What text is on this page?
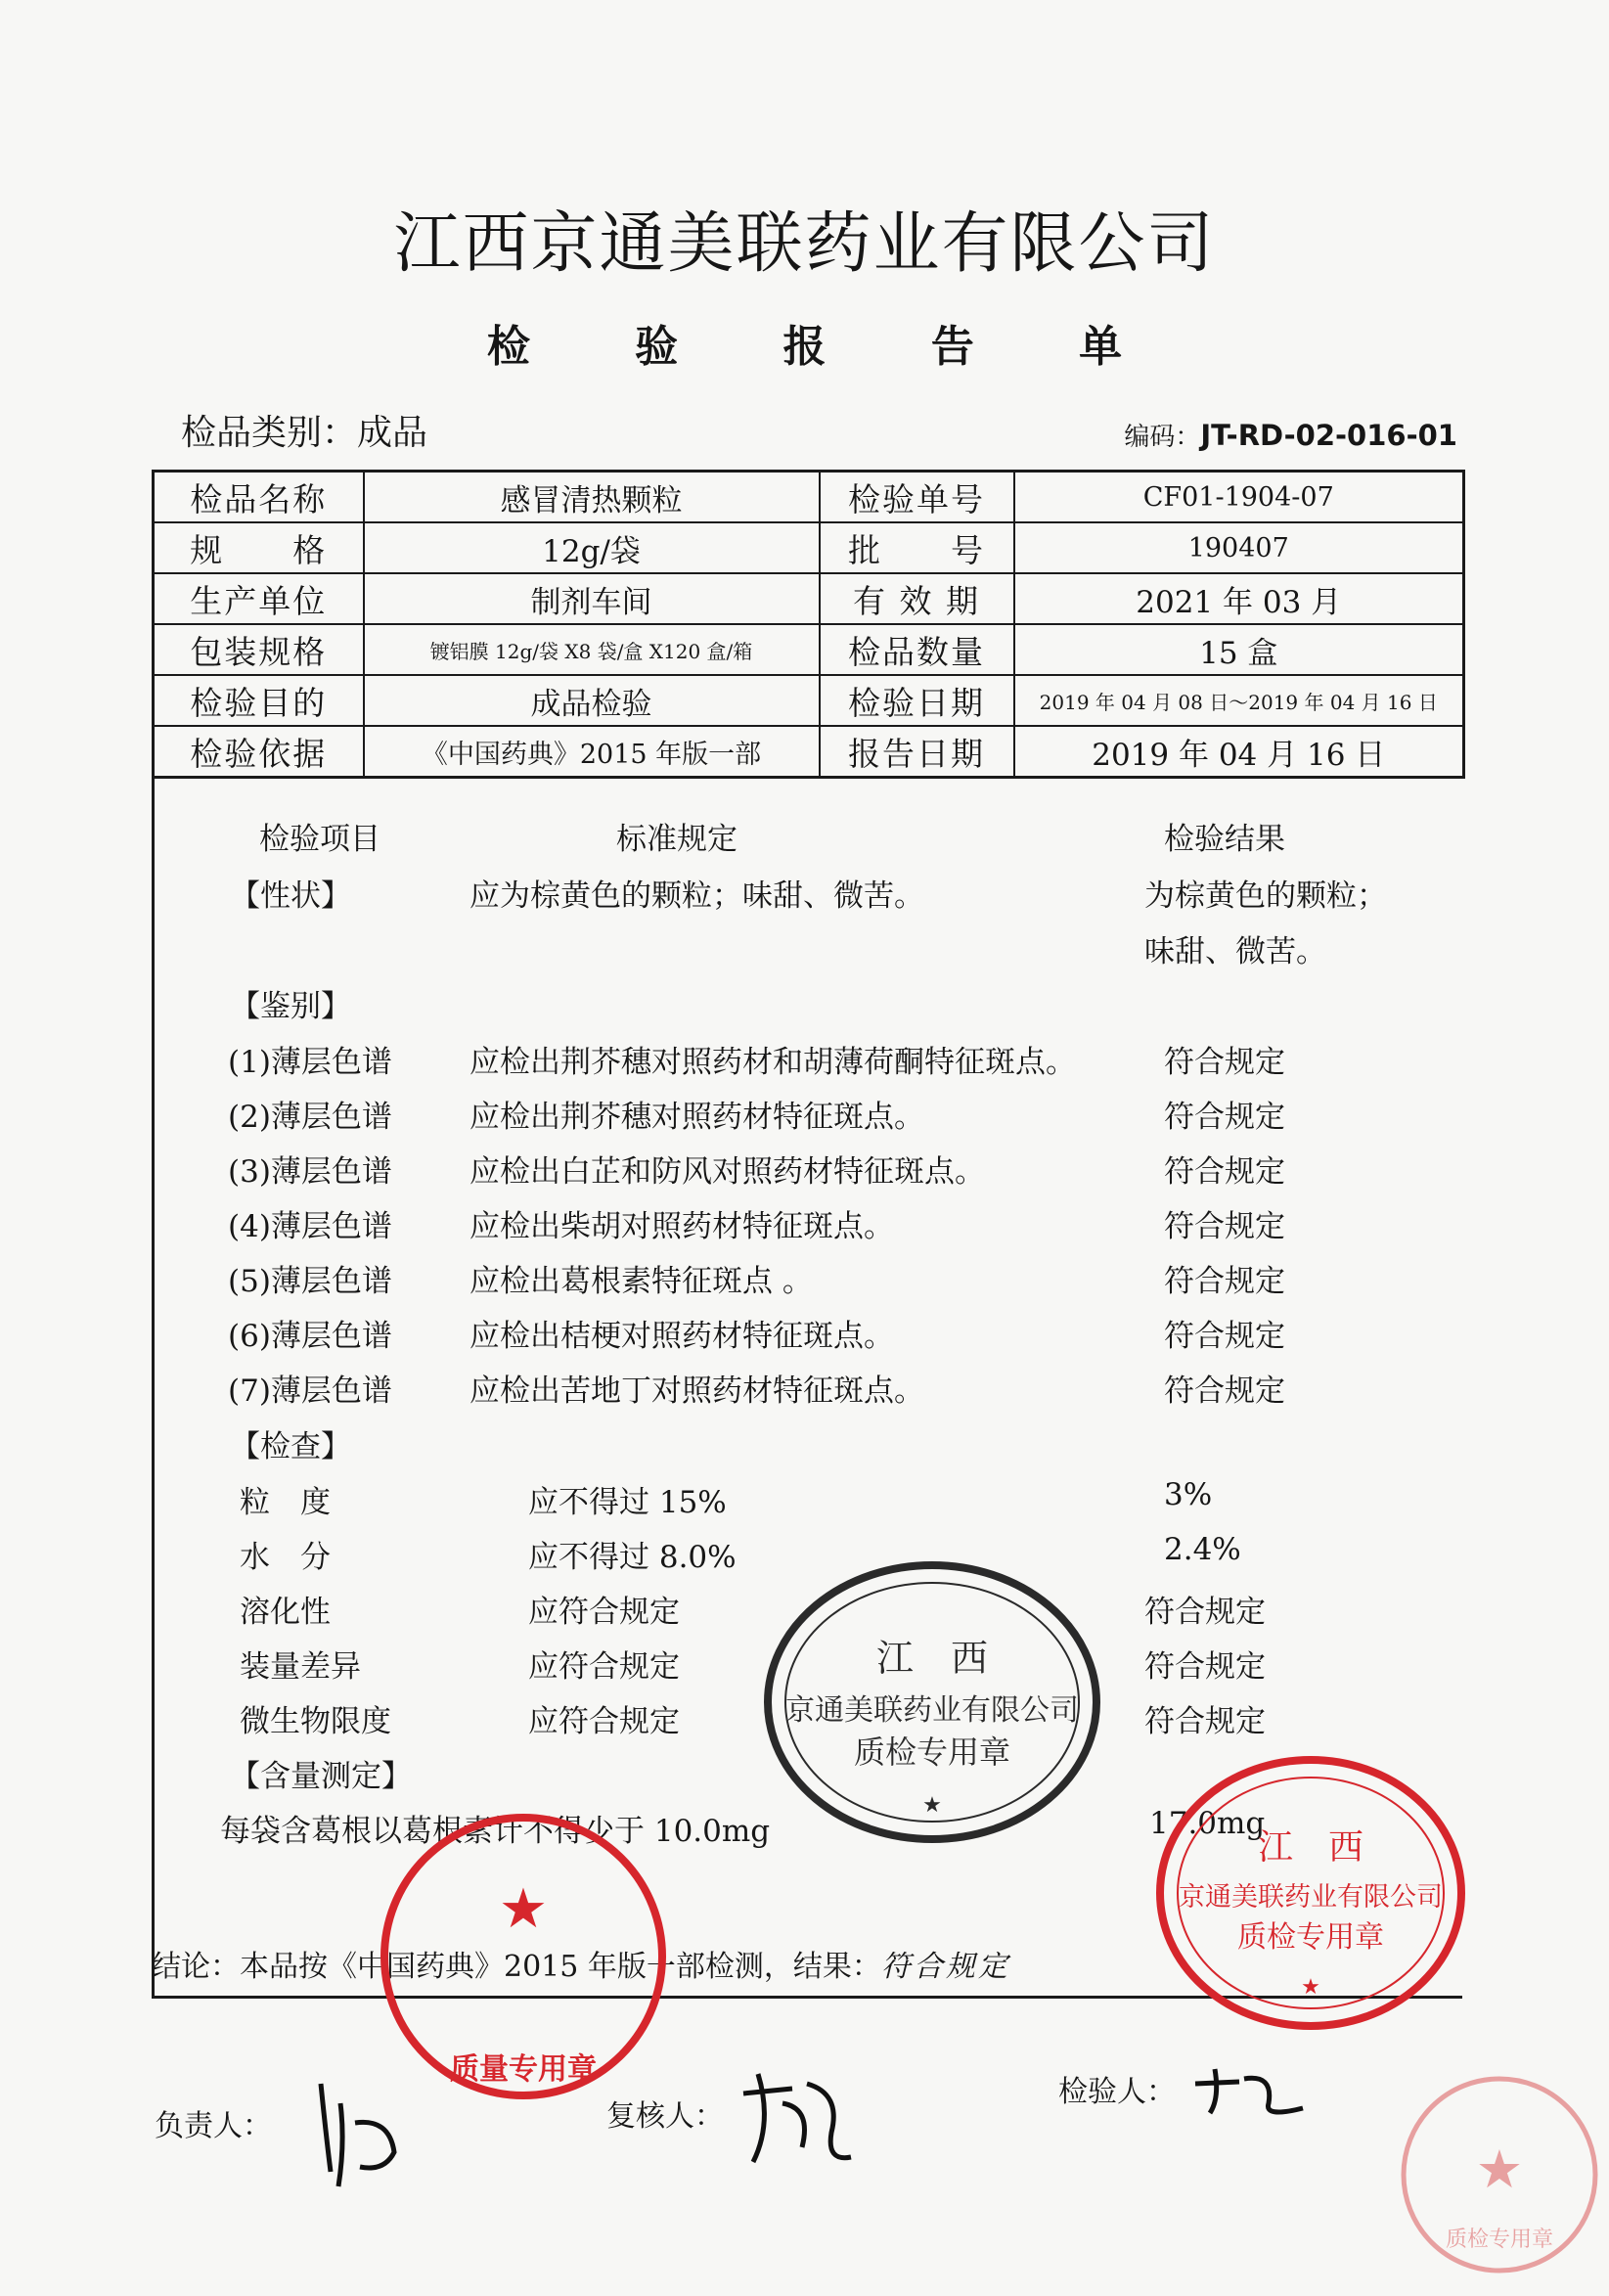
江西京通美联药业有限公司
检 验 报 告 单
检品类别：成品	编码：JT-RD-02-016-01
检品名称	感冒清热颗粒	检验单号	CF01-1904-07
规　　格	12g/袋	批　　号	190407
生产单位	制剂车间	有 效 期	2021 年 03 月
包装规格	镀铝膜 12g/袋 X8 袋/盒 X120 盒/箱	检品数量	15 盒
检验目的	成品检验	检验日期	2019 年 04 月 08 日～2019 年 04 月 16 日
检验依据	《中国药典》2015 年版一部	报告日期	2019 年 04 月 16 日
检验项目	标准规定	检验结果
【性状】	应为棕黄色的颗粒；味甜、微苦。	为棕黄色的颗粒；
味甜、微苦。
【鉴别】
(1)薄层色谱	应检出荆芥穗对照药材和胡薄荷酮特征斑点。	符合规定
(2)薄层色谱	应检出荆芥穗对照药材特征斑点。	符合规定
(3)薄层色谱	应检出白芷和防风对照药材特征斑点。	符合规定
(4)薄层色谱	应检出柴胡对照药材特征斑点。	符合规定
(5)薄层色谱	应检出葛根素特征斑点 。	符合规定
(6)薄层色谱	应检出桔梗对照药材特征斑点。	符合规定
(7)薄层色谱	应检出苦地丁对照药材特征斑点。	符合规定
【检查】
粒　度	应不得过 15%	3%
水　分	应不得过 8.0%	2.4%
溶化性	应符合规定	符合规定
装量差异	应符合规定	符合规定
微生物限度	应符合规定	符合规定
【含量测定】
每袋含葛根以葛根素计不得少于 10.0mg	17.0mg
结论：本品按《中国药典》2015 年版一部检测，结果：符合规定
负责人：	复核人：
检验人：
江　西
京通美联药业有限公司
质检专用章
★
江　西
京通美联药业有限公司
质检专用章
★
★
质量专用章
★
质检专用章
